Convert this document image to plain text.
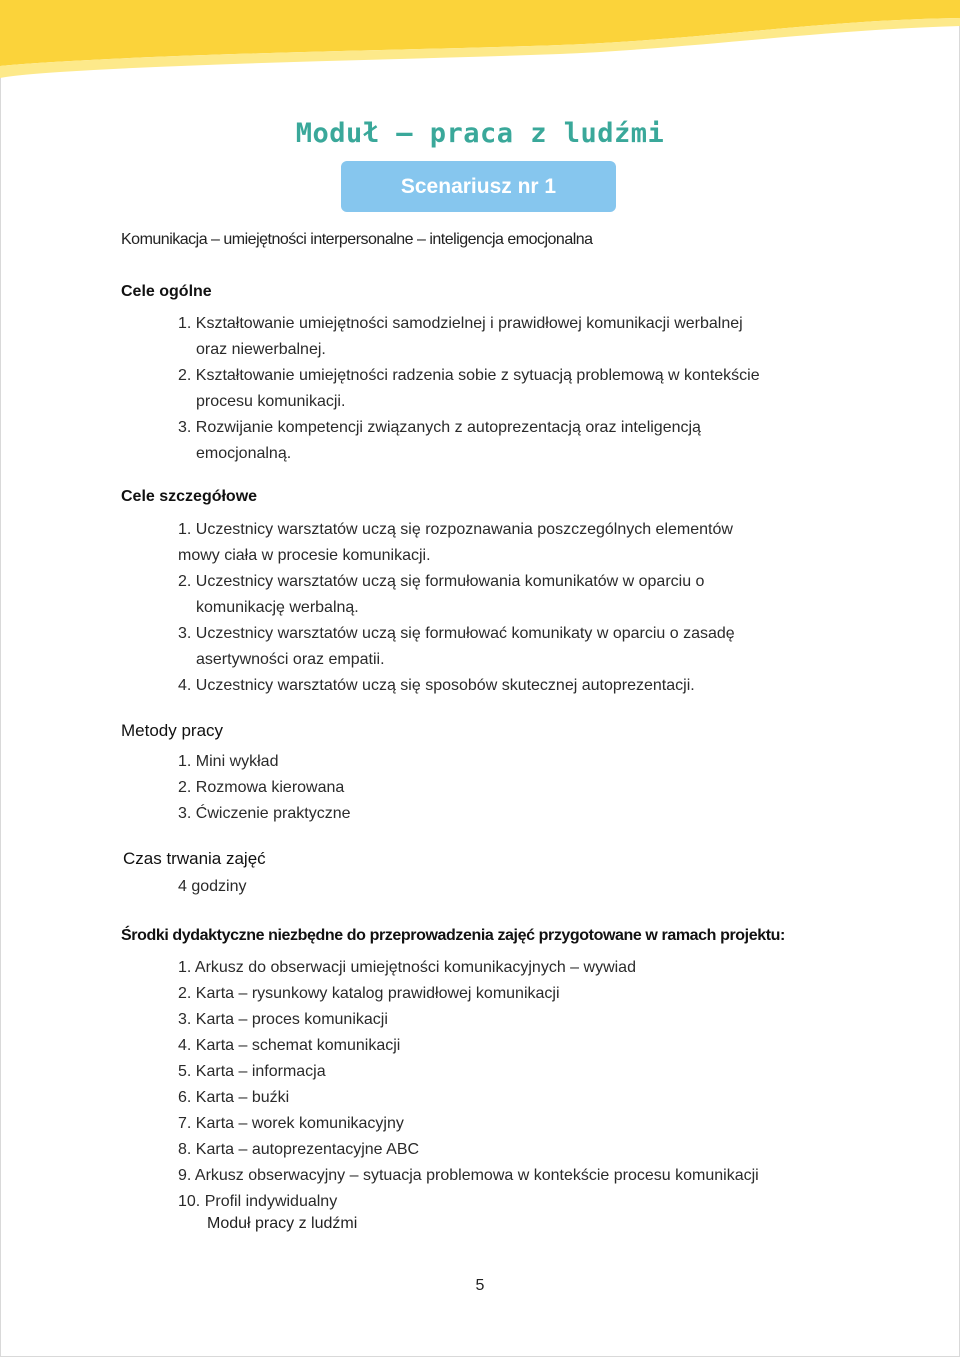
Moduł – praca z ludźmi
Scenariusz nr 1
Komunikacja – umiejętności interpersonalne – inteligencja emocjonalna
Cele ogólne
1. Kształtowanie umiejętności samodzielnej i prawidłowej komunikacji werbalnej
oraz niewerbalnej.
2. Kształtowanie umiejętności radzenia sobie z sytuacją problemową w kontekście
procesu komunikacji.
3. Rozwijanie kompetencji związanych z autoprezentacją oraz inteligencją
emocjonalną.
Cele szczegółowe
1. Uczestnicy warsztatów uczą się rozpoznawania poszczególnych elementów
mowy ciała w procesie komunikacji.
2. Uczestnicy warsztatów uczą się formułowania komunikatów w oparciu o
komunikację werbalną.
3. Uczestnicy warsztatów uczą się formułować komunikaty w oparciu o zasadę
asertywności oraz empatii.
4. Uczestnicy warsztatów uczą się sposobów skutecznej autoprezentacji.
Metody pracy
1. Mini wykład
2. Rozmowa kierowana
3. Ćwiczenie praktyczne
Czas trwania zajęć
4 godziny
Środki dydaktyczne niezbędne do przeprowadzenia zajęć przygotowane w ramach projektu:
1. Arkusz do obserwacji umiejętności komunikacyjnych – wywiad
2. Karta – rysunkowy katalog prawidłowej komunikacji
3. Karta – proces komunikacji
4. Karta – schemat komunikacji
5. Karta – informacja
6. Karta – buźki
7. Karta – worek komunikacyjny
8. Karta – autoprezentacyjne ABC
9. Arkusz obserwacyjny – sytuacja problemowa w kontekście procesu komunikacji
10. Profil indywidualny
Moduł pracy z ludźmi
5
